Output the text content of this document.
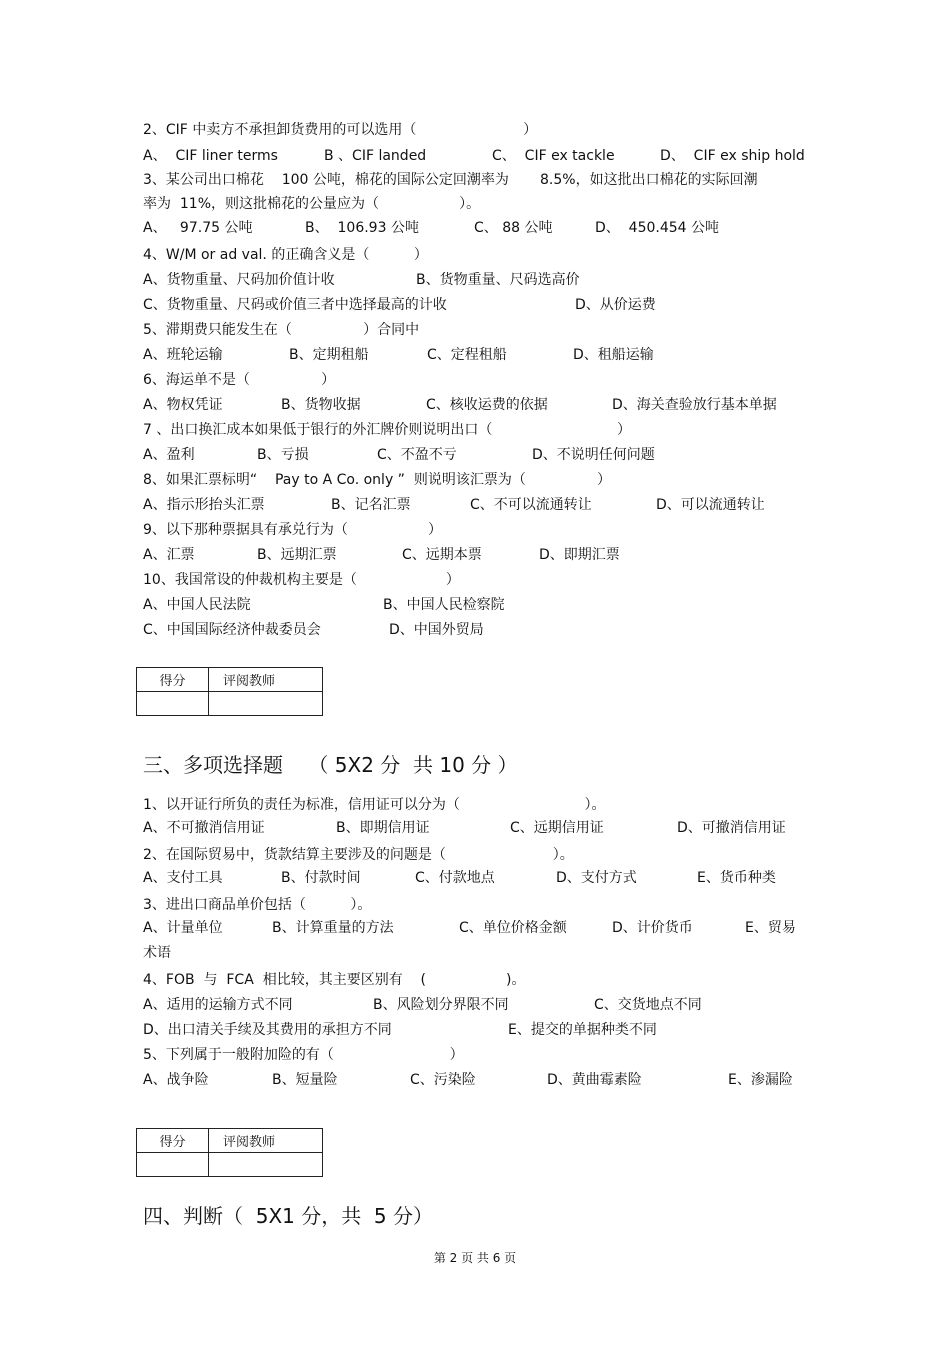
2、CIF 中卖方不承担卸货费用的可以选用（                        ）
A、  CIF liner terms	B 、CIF landed	C、  CIF ex tackle	D、  CIF ex ship hold
3、某公司出口棉花    100 公吨，棉花的国际公定回潮率为       8.5%，如这批出口棉花的实际回潮
率为  11%，则这批棉花的公量应为（                  ）。
A、   97.75 公吨	B、  106.93 公吨	C、 88 公吨	D、  450.454 公吨
4、W/M or ad val. 的正确含义是（          ）
A、货物重量、尺码加价值计收	B、货物重量、尺码选高价
C、货物重量、尺码或价值三者中选择最高的计收	D、从价运费
5、滞期费只能发生在（                ）合同中
A、班轮运输	B、定期租船	C、定程租船	D、租船运输
6、海运单不是（                ）
A、物权凭证	B、货物收据	C、核收运费的依据	D、海关查验放行基本单据
7 、出口换汇成本如果低于银行的外汇牌价则说明出口（                            ）
A、盈利	B、亏损	C、不盈不亏	D、不说明任何问题
8、如果汇票标明“    Pay to A Co. only ”  则说明该汇票为（                ）
A、指示形抬头汇票	B、记名汇票	C、不可以流通转让	D、可以流通转让
9、以下那种票据具有承兑行为（                  ）
A、汇票	B、远期汇票	C、远期本票	D、即期汇票
10、我国常设的仲裁机构主要是（                    ）
A、中国人民法院	B、中国人民检察院
C、中国国际经济仲裁委员会	D、中国外贸局
得分	评阅教师

三、多项选择题    （ 5X2 分  共 10 分 ）
1、以开证行所负的责任为标准，信用证可以分为（                            ）。
A、不可撤消信用证	B、即期信用证	C、远期信用证	D、可撤消信用证
2、在国际贸易中，货款结算主要涉及的问题是（                        ）。
A、支付工具	B、付款时间	C、付款地点	D、支付方式	E、货币种类
3、进出口商品单价包括（          ）。
A、计量单位	B、计算重量的方法	C、单位价格金额	D、计价货币	E、贸易
术语
4、FOB  与  FCA  相比较，其主要区别有    (                  )。
A、适用的运输方式不同	B、风险划分界限不同	C、交货地点不同
D、出口清关手续及其费用的承担方不同	E、提交的单据种类不同
5、下列属于一般附加险的有（                          ）
A、战争险	B、短量险	C、污染险	D、黄曲霉素险	E、渗漏险
得分	评阅教师

四、判断（  5X1 分，共  5 分）
第 2 页 共 6 页
